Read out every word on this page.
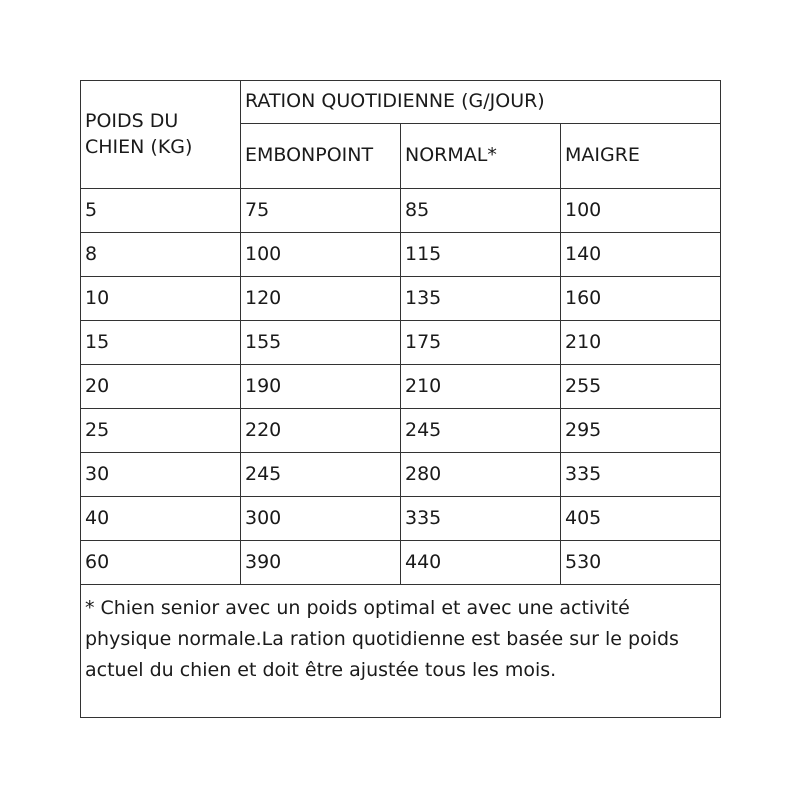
POIDS DU CHIEN (KG)	RATION QUOTIDIENNE (G/JOUR)		
	EMBONPOINT	NORMAL*	MAIGRE
5	75	85	100
8	100	115	140
10	120	135	160
15	155	175	210
20	190	210	255
25	220	245	295
30	245	280	335
40	300	335	405
60	390	440	530
* Chien senior avec un poids optimal et avec une activité physique normale.La ration quotidienne est basée sur le poids actuel du chien et doit être ajustée tous les mois.			
